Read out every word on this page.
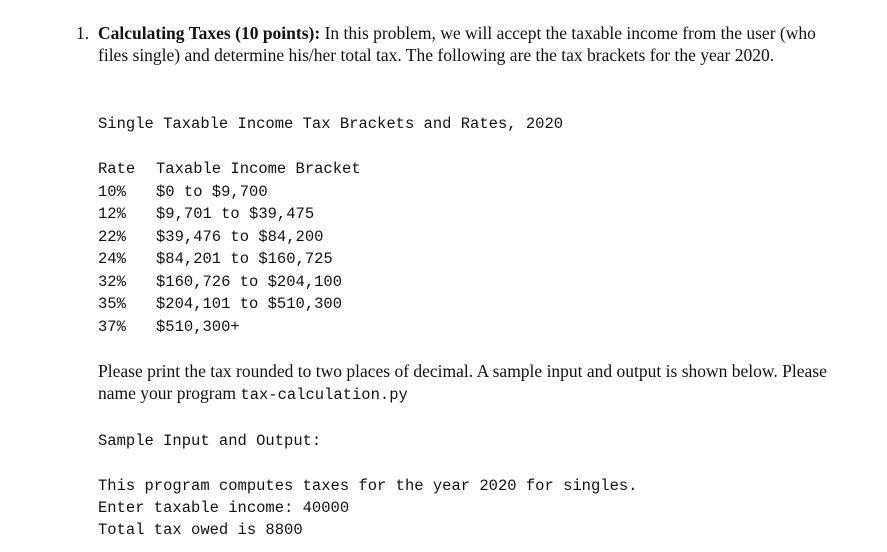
1. Calculating Taxes (10 points): In this problem, we will accept the taxable income from the user (who files single) and determine his/her total tax. The following are the tax brackets for the year 2020.
Single Taxable Income Tax Brackets and Rates, 2020
Rate	Taxable Income Bracket
10%	$0 to $9,700
12%	$9,701 to $39,475
22%	$39,476 to $84,200
24%	$84,201 to $160,725
32%	$160,726 to $204,100
35%	$204,101 to $510,300
37%	$510,300+
Please print the tax rounded to two places of decimal. A sample input and output is shown below. Please name your program tax-calculation.py
Sample Input and Output:
This program computes taxes for the year 2020 for singles.
Enter taxable income: 40000
Total tax owed is 8800
